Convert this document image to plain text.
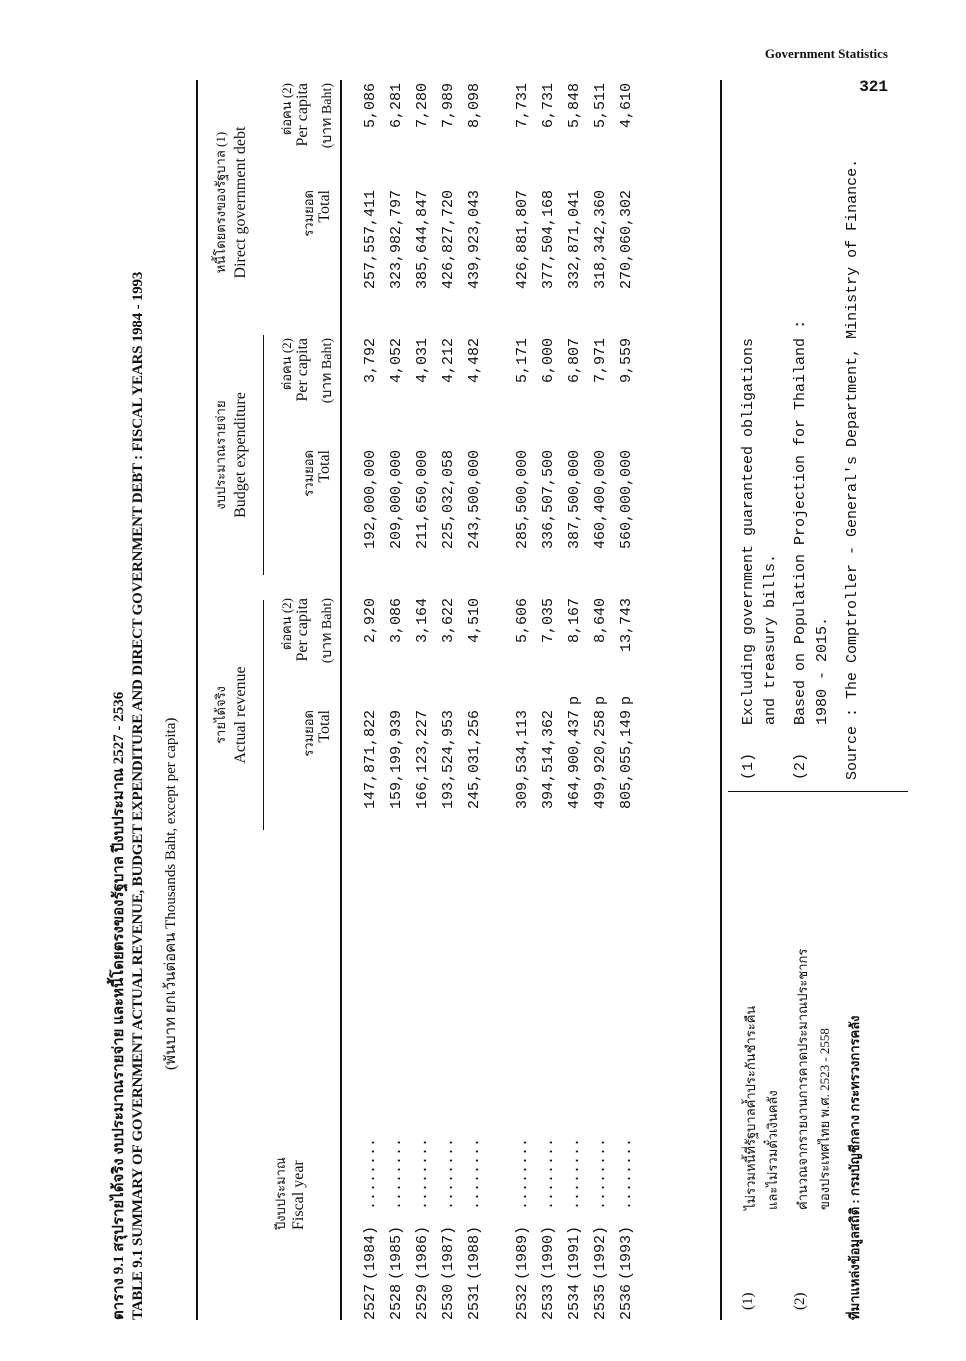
Government Statistics
321
ตาราง 9.1 สรุปรายได้จริง งบประมาณรายจ่าย และหนี้โดยตรงของรัฐบาล ปีงบประมาณ 2527 - 2536 TABLE 9.1 SUMMARY OF GOVERNMENT ACTUAL REVENUE, BUDGET EXPENDITURE AND DIRECT GOVERNMENT DEBT : FISCAL YEARS 1984 - 1993	(พันบาท ยกเว้นต่อคน Thousands Baht, except per capita)
ปีงบประมาณ Fiscal year
รายได้จริง Actual revenue
งบประมาณรายจ่าย Budget expenditure
หนี้โดยตรงของรัฐบาล (1) Direct government debt
รวมยอด Total
ต่อคน (2) Per capita (บาท Baht)
รวมยอด Total
ต่อคน (2) Per capita (บาท Baht)
รวมยอด Total
ต่อคน (2) Per capita (บาท Baht)
2527
(1984)
........
147,871,822
2,920
192,000,000
3,792
257,557,411
5,086
2528
(1985)
........
159,199,939
3,086
209,000,000
4,052
323,982,797
6,281
2529
(1986)
........
166,123,227
3,164
211,650,000
4,031
385,644,847
7,280
2530
(1987)
........
193,524,953
3,622
225,032,058
4,212
426,827,720
7,989
2531
(1988)
........
245,031,256
4,510
243,500,000
4,482
439,923,043
8,098
2532
(1989)
........
309,534,113
5,606
285,500,000
5,171
426,881,807
7,731
2533
(1990)
........
394,514,362
7,035
336,507,500
6,000
377,504,168
6,731
2534
(1991)
........
464,900,437
p
8,167
387,500,000
6,807
332,871,041
5,848
2535
(1992)
........
499,920,258
p
8,640
460,400,000
7,971
318,342,360
5,511
2536
(1993)
........
805,055,149
p
13,743
560,000,000
9,559
270,060,302
4,610
(1)
ไม่รวมหนี้ที่รัฐบาลค้ำประกันชำระคืน และไม่รวมตั๋วเงินคลัง
(2)
คำนวณจากรายงานการคาดประมาณประชากร ของประเทศไทย พ.ศ. 2523 - 2558 ที่มาแหล่งข้อมูลสถิติ : กรมบัญชีกลาง กระทรวงการคลัง
(1)
Excluding government guaranteed obligations and treasury bills.
(2)
Based on Population Projection for Thailand : 1980 - 2015. Source : The Comptroller - General's Department, Ministry of Finance.
